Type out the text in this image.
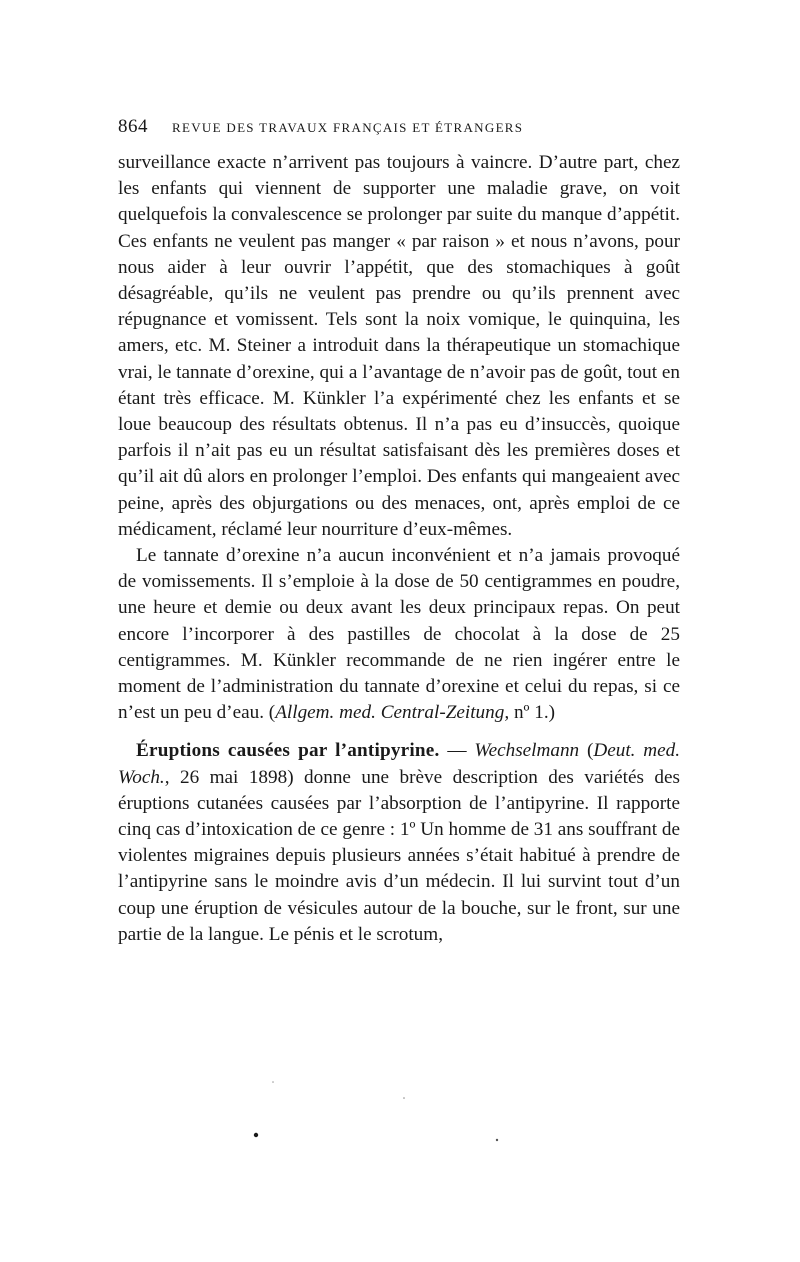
864 REVUE DES TRAVAUX FRANÇAIS ET ÉTRANGERS

surveillance exacte n’arrivent pas toujours à vaincre. D’autre part, chez les enfants qui viennent de supporter une maladie grave, on voit quelquefois la convalescence se prolonger par suite du manque d’appétit. Ces enfants ne veulent pas manger « par raison » et nous n’avons, pour nous aider à leur ouvrir l’appétit, que des stomachiques à goût désagréable, qu’ils ne veulent pas prendre ou qu’ils prennent avec répugnance et vomissent. Tels sont la noix vomique, le quinquina, les amers, etc. M. Steiner a introduit dans la thérapeutique un stomachique vrai, le tannate d’orexine, qui a l’avantage de n’avoir pas de goût, tout en étant très efficace. M. Künkler l’a expérimenté chez les enfants et se loue beaucoup des résultats obtenus. Il n’a pas eu d’insuccès, quoique parfois il n’ait pas eu un résultat satisfaisant dès les premières doses et qu’il ait dû alors en prolonger l’emploi. Des enfants qui mangeaient avec peine, après des objurgations ou des menaces, ont, après emploi de ce médicament, réclamé leur nourriture d’eux-mêmes.

Le tannate d’orexine n’a aucun inconvénient et n’a jamais provoqué de vomissements. Il s’emploie à la dose de 50 centigrammes en poudre, une heure et demie ou deux avant les deux principaux repas. On peut encore l’incorporer à des pastilles de chocolat à la dose de 25 centigrammes. M. Künkler recommande de ne rien ingérer entre le moment de l’administration du tannate d’orexine et celui du repas, si ce n’est un peu d’eau. (Allgem. med. Central-Zeitung, nº 1.)

Éruptions causées par l’antipyrine. — Wechselmann (Deut. med. Woch., 26 mai 1898) donne une brève description des variétés des éruptions cutanées causées par l’absorption de l’antipyrine. Il rapporte cinq cas d’intoxication de ce genre : 1º Un homme de 31 ans souffrant de violentes migraines depuis plusieurs années s’était habitué à prendre de l’antipyrine sans le moindre avis d’un médecin. Il lui survint tout d’un coup une éruption de vésicules autour de la bouche, sur le front, sur une partie de la langue. Le pénis et le scrotum,
